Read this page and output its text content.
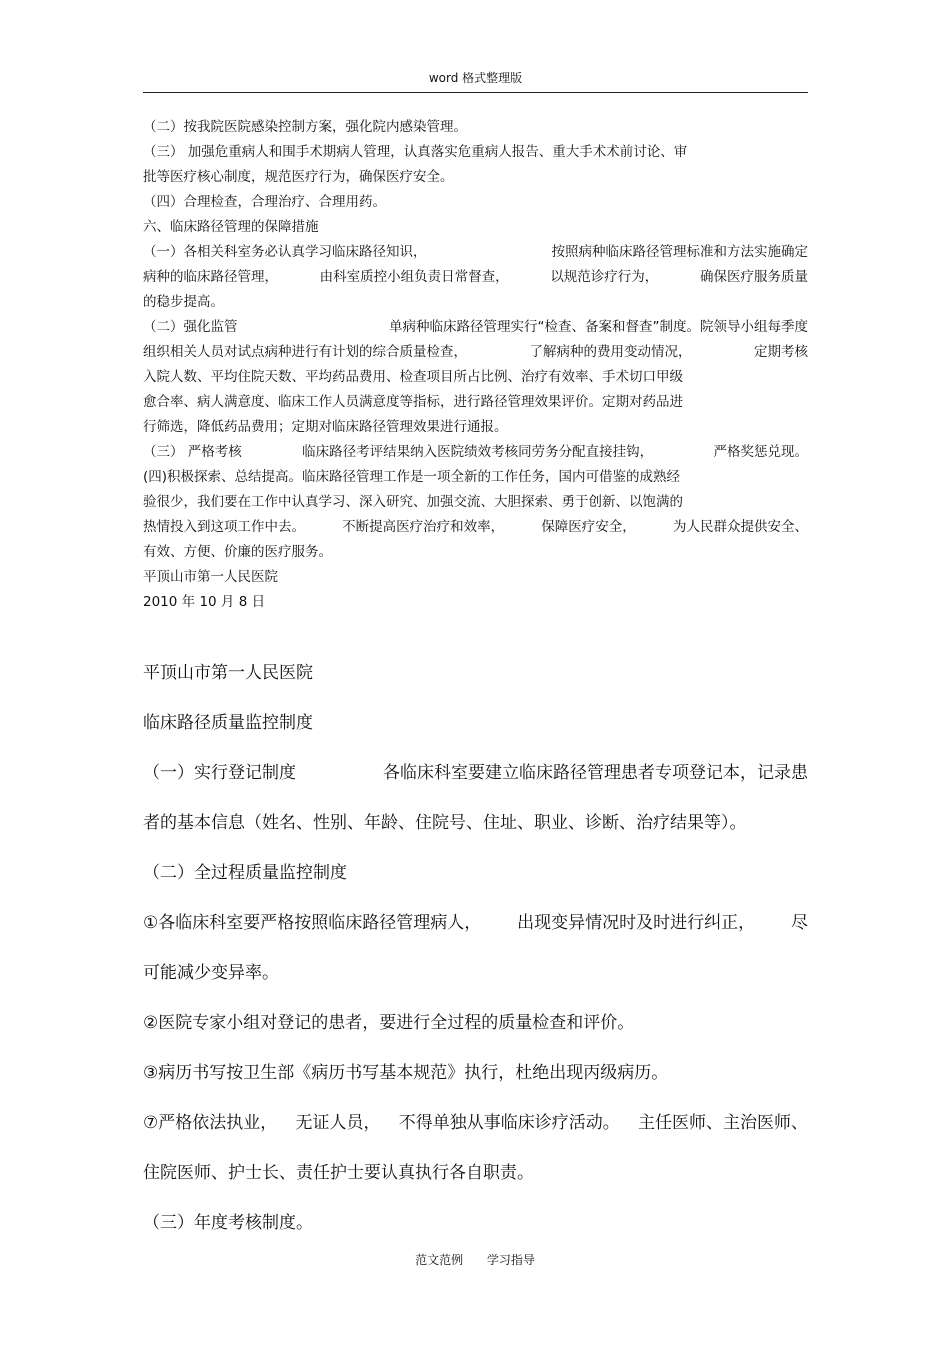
word 格式整理版

（二）按我院医院感染控制方案，强化院内感染管理。

（三） 加强危重病人和围手术期病人管理，认真落实危重病人报告、重大手术术前讨论、审

批等医疗核心制度，规范医疗行为，确保医疗安全。

（四）合理检查，合理治疗、合理用药。

六、临床路径管理的保障措施

（一）各相关科室务必认真学习临床路径知识，	按照病种临床路径管理标准和方法实施确定

病种的临床路径管理，	由科室质控小组负责日常督查，	以规范诊疗行为，	确保医疗服务质量

的稳步提高。

（二）强化监管	单病种临床路径管理实行“检查、备案和督查”制度。院领导小组每季度

组织相关人员对试点病种进行有计划的综合质量检查，	了解病种的费用变动情况，	定期考核

入院人数、平均住院天数、平均药品费用、检查项目所占比例、治疗有效率、手术切口甲级

愈合率、病人满意度、临床工作人员满意度等指标，进行路径管理效果评价。定期对药品进

行筛选，降低药品费用；定期对临床路径管理效果进行通报。

（三） 严格考核	临床路径考评结果纳入医院绩效考核同劳务分配直接挂钩，	严格奖惩兑现。

(四)积极探索、总结提高。临床路径管理工作是一项全新的工作任务，国内可借鉴的成熟经

验很少，我们要在工作中认真学习、深入研究、加强交流、大胆探索、勇于创新、以饱满的

热情投入到这项工作中去。	不断提高医疗治疗和效率，	保障医疗安全，	为人民群众提供安全、

有效、方便、价廉的医疗服务。

平顶山市第一人民医院

2010 年 10 月 8 日

平顶山市第一人民医院

临床路径质量监控制度

（一）实行登记制度	各临床科室要建立临床路径管理患者专项登记本，记录患

者的基本信息（姓名、性别、年龄、住院号、住址、职业、诊断、治疗结果等）。

（二）全过程质量监控制度

①各临床科室要严格按照临床路径管理病人， 出现变异情况时及时进行纠正， 尽

可能减少变异率。

②医院专家小组对登记的患者，要进行全过程的质量检查和评价。

③病历书写按卫生部《病历书写基本规范》执行，杜绝出现丙级病历。

⑦严格依法执业， 无证人员， 不得单独从事临床诊疗活动。 主任医师、主治医师、

住院医师、护士长、责任护士要认真执行各自职责。

（三）年度考核制度。

范文范例 学习指导
